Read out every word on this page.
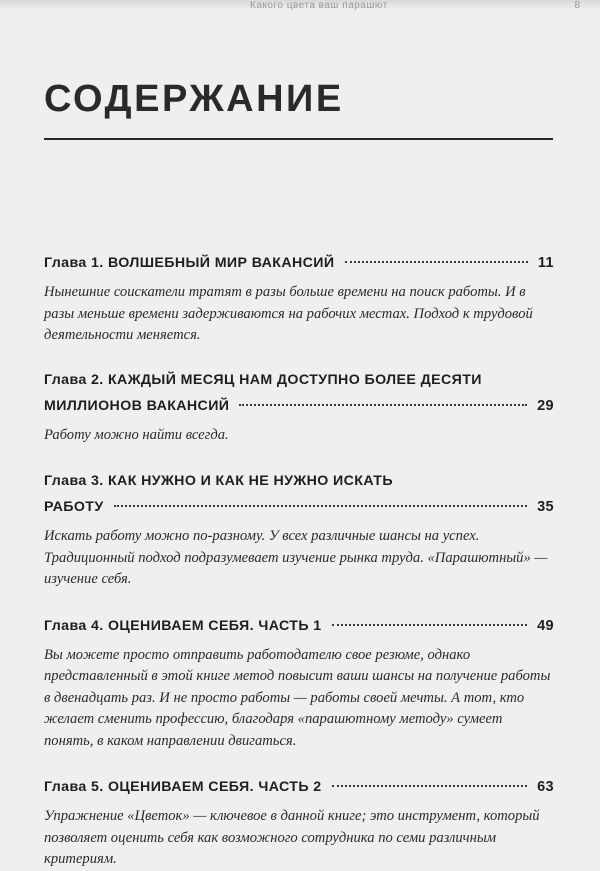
Какого цвета ваш парашют	8
СОДЕРЖАНИЕ
Глава 1. ВОЛШЕБНЫЙ МИР ВАКАНСИЙ	11
Нынешние соискатели тратят в разы больше времени на поиск работы. И в разы меньше времени задерживаются на рабочих местах. Подход к трудовой деятельности меняется.
Глава 2. КАЖДЫЙ МЕСЯЦ НАМ ДОСТУПНО БОЛЕЕ ДЕСЯТИ
МИЛЛИОНОВ ВАКАНСИЙ	29
Работу можно найти всегда.
Глава 3. КАК НУЖНО И КАК НЕ НУЖНО ИСКАТЬ
РАБОТУ	35
Искать работу можно по-разному. У всех различные шансы на успех. Традиционный подход подразумевает изучение рынка труда. «Парашютный» — изучение себя.
Глава 4. ОЦЕНИВАЕМ СЕБЯ. ЧАСТЬ 1	49
Вы можете просто отправить работодателю свое резюме, однако представленный в этой книге метод повысит ваши шансы на получение работы в двенадцать раз. И не просто работы — работы своей мечты. А тот, кто желает сменить профессию, благодаря «парашютному методу» сумеет понять, в каком направлении двигаться.
Глава 5. ОЦЕНИВАЕМ СЕБЯ. ЧАСТЬ 2	63
Упражнение «Цветок» — ключевое в данной книге; это инструмент, который позволяет оценить себя как возможного сотрудника по семи различным критериям.
